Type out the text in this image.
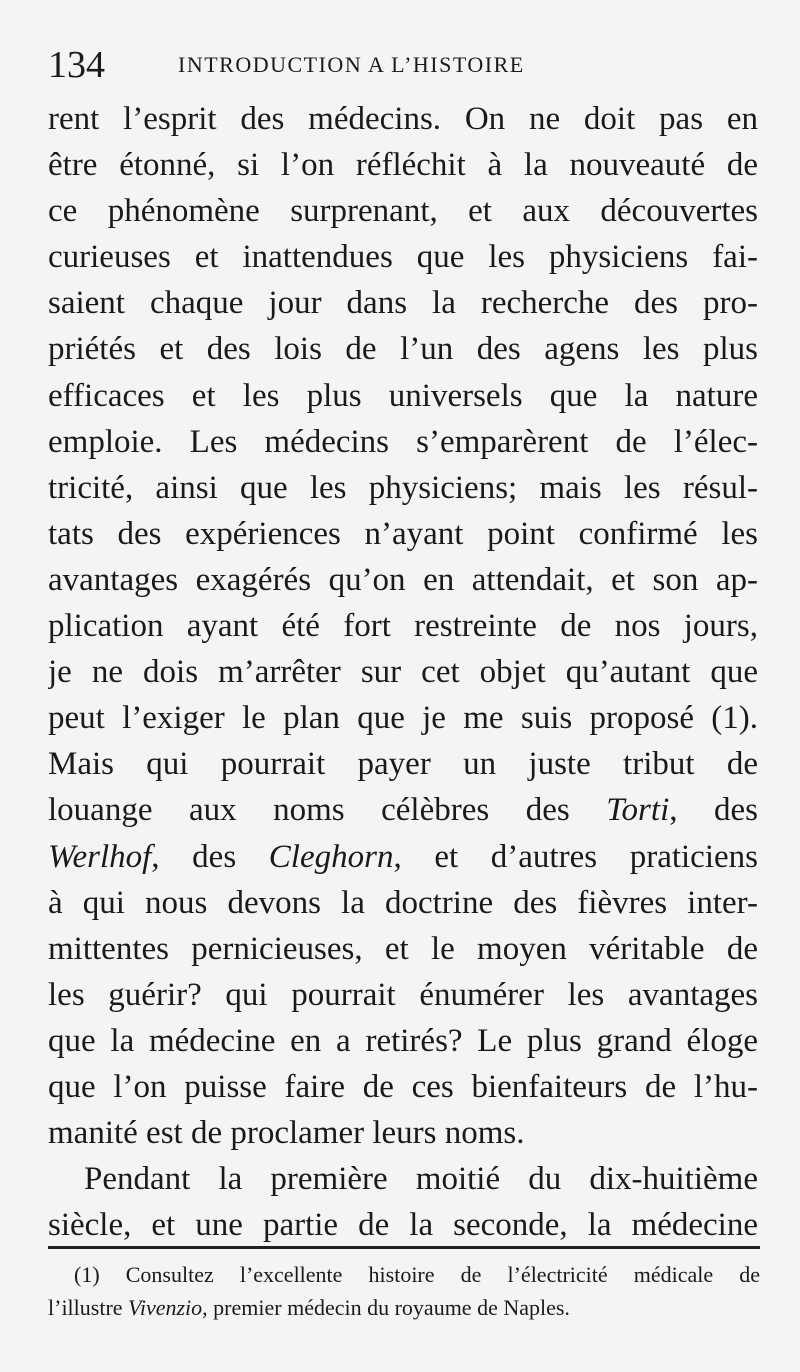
134	INTRODUCTION A L’HISTOIRE
rent l’esprit des médecins. On ne doit pas en
être étonné, si l’on réfléchit à la nouveauté de
ce phénomène surprenant, et aux découvertes
curieuses et inattendues que les physiciens fai-
saient chaque jour dans la recherche des pro-
priétés et des lois de l’un des agens les plus
efficaces et les plus universels que la nature
emploie. Les médecins s’emparèrent de l’élec-
tricité, ainsi que les physiciens; mais les résul-
tats des expériences n’ayant point confirmé les
avantages exagérés qu’on en attendait, et son ap-
plication ayant été fort restreinte de nos jours,
je ne dois m’arrêter sur cet objet qu’autant que
peut l’exiger le plan que je me suis proposé (1).
Mais qui pourrait payer un juste tribut de
louange aux noms célèbres des Torti, des
Werlhof, des Cleghorn, et d’autres praticiens
à qui nous devons la doctrine des fièvres inter-
mittentes pernicieuses, et le moyen véritable de
les guérir? qui pourrait énumérer les avantages
que la médecine en a retirés? Le plus grand éloge
que l’on puisse faire de ces bienfaiteurs de l’hu-
manité est de proclamer leurs noms.
Pendant la première moitié du dix-huitième
siècle, et une partie de la seconde, la médecine
(1) Consultez l’excellente histoire de l’électricité médicale de
l’illustre Vivenzio, premier médecin du royaume de Naples.
